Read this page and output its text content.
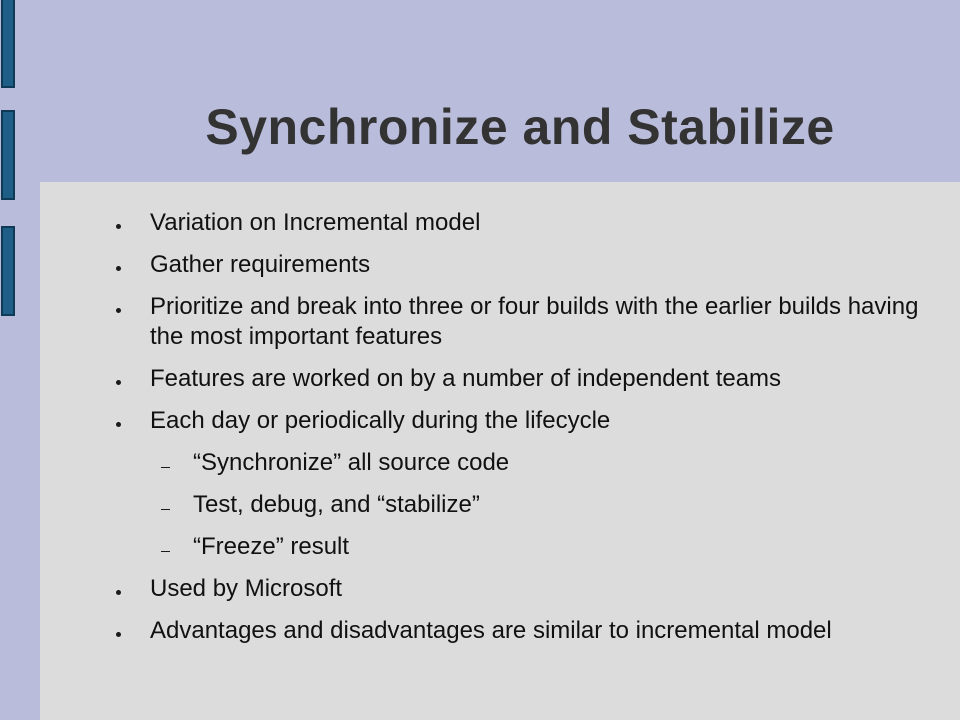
Synchronize and Stabilize
Variation on Incremental model
Gather requirements
Prioritize and break into three or four builds with the earlier builds having the most important features
Features are worked on by a number of independent teams
Each day or periodically during the lifecycle
“Synchronize” all source code
Test, debug, and “stabilize”
“Freeze” result
Used by Microsoft
Advantages and disadvantages are similar to incremental model
